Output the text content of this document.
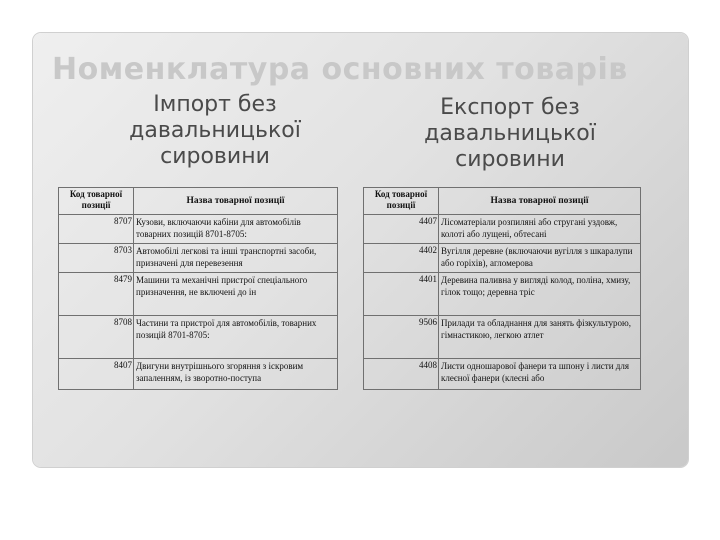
Номенклатура основних товарів
Імпорт без давальницької сировини
Експорт без давальницької сировини
Код товарної позиції	Назва товарної позиції
8707	Кузови, включаючи кабіни для автомобілів товарних позицій 8701-8705:
8703	Автомобілі легкові та інші транспортні засоби, призначені для перевезення
8479	Машини та механічні пристрої спеціального призначення, не включені до ін
8708	Частини та пристрої для автомобілів, товарних позицій 8701-8705:
8407	Двигуни внутрішнього згоряння з іскровим запаленням, із зворотно-поступа
Код товарної позиції	Назва товарної позиції
4407	Лісоматеріали розпиляні або стругані уздовж, колоті або лущені, обтесані
4402	Вугілля деревне (включаючи вугілля з шкаралупи або горіхів), агломерова
4401	Деревина паливна у вигляді колод, поліна, хмизу, гілок тощо; деревна тріс
9506	Прилади та обладнання для занять фізкультурою, гімнастикою, легкою атлет
4408	Листи одношарової фанери та шпону і листи для клеєної фанери (клеєні або
